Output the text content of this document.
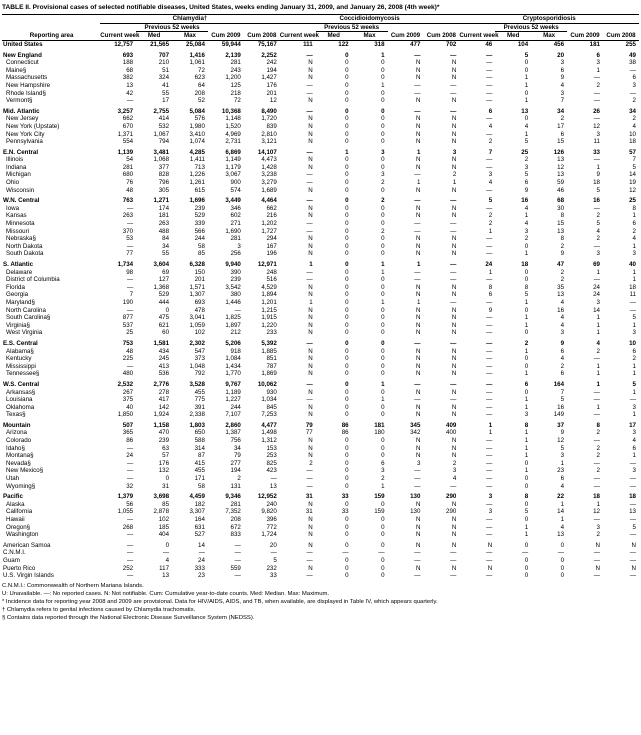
TABLE II. Provisional cases of selected notifiable diseases, United States, weeks ending January 31, 2009, and January 26, 2008 (4th week)*
	Chlamydia†					Coccidioidomycosis					Cryptosporidiosis				
		Previous 52 weeks					Previous 52 weeks					Previous 52 weeks			
Reporting area	Current week	Med	Max	Cum 2009	Cum 2008	Current week	Med	Max	Cum 2009	Cum 2008	Current week	Med	Max	Cum 2009	Cum 2008
United States	12,757	21,565	25,084	59,944	75,167	111	122	318	477	702	46	104	456	181	255

New England	693	707	1,416	2,139	2,252	—	0	1	—	—	—	5	20	6	49
Connecticut	188	210	1,061	281	242	N	0	0	N	N	—	0	3	3	38
Maine§	68	51	72	243	194	N	0	0	N	N	—	0	6	1	—
Massachusetts	382	324	623	1,200	1,427	N	0	0	N	N	—	1	9	—	6
New Hampshire	13	41	64	125	176	—	0	1	—	—	—	1	4	2	3
Rhode Island§	42	55	208	218	201	—	0	0	—	—	—	0	3	—	—
Vermont§	—	17	52	72	12	N	0	0	N	N	—	1	7	—	2

Mid. Atlantic	3,257	2,755	5,084	10,368	8,490	—	0	0	—	—	6	13	34	26	34
New Jersey	662	414	576	1,148	1,720	N	0	0	N	N	—	0	2	—	2
New York (Upstate)	670	532	1,980	1,520	839	N	0	0	N	N	4	4	17	12	4
New York City	1,371	1,067	3,410	4,969	2,810	N	0	0	N	N	—	1	6	3	10
Pennsylvania	554	794	1,074	2,731	3,121	N	0	0	N	N	2	5	15	11	18

E.N. Central	1,139	3,481	4,285	6,869	14,107	—	1	3	1	3	7	25	126	33	57
Illinois	54	1,068	1,411	1,149	4,473	N	0	0	N	N	—	2	13	—	7
Indiana	281	377	713	1,179	1,428	N	0	0	N	N	—	3	12	1	5
Michigan	680	828	1,226	3,067	3,238	—	0	3	—	2	3	5	13	9	14
Ohio	76	796	1,261	900	3,279	—	0	2	1	1	4	6	59	18	19
Wisconsin	48	305	615	574	1,689	N	0	0	N	N	—	9	46	5	12

W.N. Central	763	1,271	1,696	3,449	4,464	—	0	2	—	—	5	16	68	16	25
Iowa	—	174	239	346	662	N	0	0	N	N	—	4	30	—	8
Kansas	263	181	529	602	216	N	0	0	N	N	2	1	8	2	1
Minnesota	—	263	339	271	1,202	—	0	0	—	—	2	4	15	5	6
Missouri	370	488	566	1,690	1,727	—	0	2	—	—	1	3	13	4	2
Nebraska§	53	84	244	281	294	N	0	0	N	N	—	2	8	2	4
North Dakota	—	34	58	3	167	N	0	0	N	N	—	0	2	—	1
South Dakota	77	55	85	256	196	N	0	0	N	N	—	1	9	3	3

S. Atlantic	1,734	3,604	6,328	9,940	12,971	1	0	1	1	—	24	18	47	69	40
Delaware	98	69	150	390	248	—	0	1	—	—	1	0	2	1	1
District of Columbia	—	127	201	239	516	—	0	0	—	—	—	0	2	—	1
Florida	—	1,368	1,571	3,542	4,529	N	0	0	N	N	8	8	35	24	18
Georgia	7	529	1,307	380	1,894	N	0	0	N	N	6	5	13	24	11
Maryland§	190	444	693	1,446	1,201	1	0	1	1	—	—	1	4	3	—
North Carolina	—	0	478	—	1,215	N	0	0	N	N	9	0	16	14	—
South Carolina§	877	475	3,041	1,825	1,915	N	0	0	N	N	—	1	4	1	5
Virginia§	537	621	1,059	1,897	1,220	N	0	0	N	N	—	1	4	1	1
West Virginia	25	60	102	212	233	N	0	0	N	N	—	0	3	1	3

E.S. Central	753	1,581	2,302	5,206	5,392	—	0	0	—	—	—	2	9	4	10
Alabama§	48	434	547	918	1,885	N	0	0	N	N	—	1	6	2	6
Kentucky	225	245	373	1,084	851	N	0	0	N	N	—	0	4	—	2
Mississippi	—	413	1,048	1,434	787	N	0	0	N	N	—	0	2	1	1
Tennessee§	480	536	792	1,770	1,869	N	0	0	N	N	—	1	6	1	1

W.S. Central	2,532	2,776	3,528	9,767	10,062	—	0	1	—	—	—	6	164	1	5
Arkansas§	267	278	455	1,189	930	N	0	0	N	N	—	0	7	—	1
Louisiana	375	417	775	1,227	1,034	—	0	1	—	—	—	1	5	—	—
Oklahoma	40	142	391	244	845	N	0	0	N	N	—	1	16	1	3
Texas§	1,850	1,924	2,338	7,107	7,253	N	0	0	N	N	—	3	149	—	1

Mountain	507	1,158	1,803	2,860	4,477	79	86	181	345	409	1	8	37	8	17
Arizona	365	470	650	1,387	1,498	77	86	180	342	400	1	1	9	2	3
Colorado	86	239	588	756	1,312	N	0	0	N	N	—	1	12	—	4
Idaho§	—	63	314	34	153	N	0	0	N	N	—	1	5	2	6
Montana§	24	57	87	79	253	N	0	0	N	N	—	1	3	2	1
Nevada§	—	176	415	277	825	2	0	6	3	2	—	0	1	—	—
New Mexico§	—	132	455	194	423	—	0	3	—	3	—	1	23	2	3
Utah	—	0	171	2	—	—	0	2	—	4	—	0	6	—	—
Wyoming§	32	31	58	131	13	—	0	1	—	—	—	0	4	—	—

Pacific	1,379	3,698	4,459	9,346	12,952	31	33	159	130	290	3	8	22	18	18
Alaska	56	85	182	281	240	N	0	0	N	N	—	0	1	1	—
California	1,055	2,878	3,307	7,352	9,820	31	33	159	130	290	3	5	14	12	13
Hawaii	—	102	164	208	396	N	0	0	N	N	—	0	1	—	—
Oregon§	268	185	631	672	772	N	0	0	N	N	—	1	4	3	5
Washington	—	404	527	833	1,724	N	0	0	N	N	—	1	13	2	—

American Samoa	—	0	14	—	20	N	0	0	N	N	N	0	0	N	N
C.N.M.I.	—	—	—	—	—	—	—	—	—	—	—	—	—	—	—
Guam	—	4	24	—	5	—	0	0	—	—	—	0	0	—	—
Puerto Rico	252	117	333	559	232	N	0	0	N	N	N	0	0	N	N
U.S. Virgin Islands	—	13	23	—	33	—	0	0	—	—	—	0	0	—	—
C.N.M.I.: Commonwealth of Northern Mariana Islands.
U: Unavailable. —: No reported cases. N: Not notifiable. Cum: Cumulative year-to-date counts. Med: Median. Max: Maximum.
* Incidence data for reporting year 2008 and 2009 are provisional. Data for HIV/AIDS, AIDS, and TB, when available, are displayed in Table IV, which appears quarterly.
† Chlamydia refers to genital infections caused by Chlamydia trachomatis.
§ Contains data reported through the National Electronic Disease Surveillance System (NEDSS).
